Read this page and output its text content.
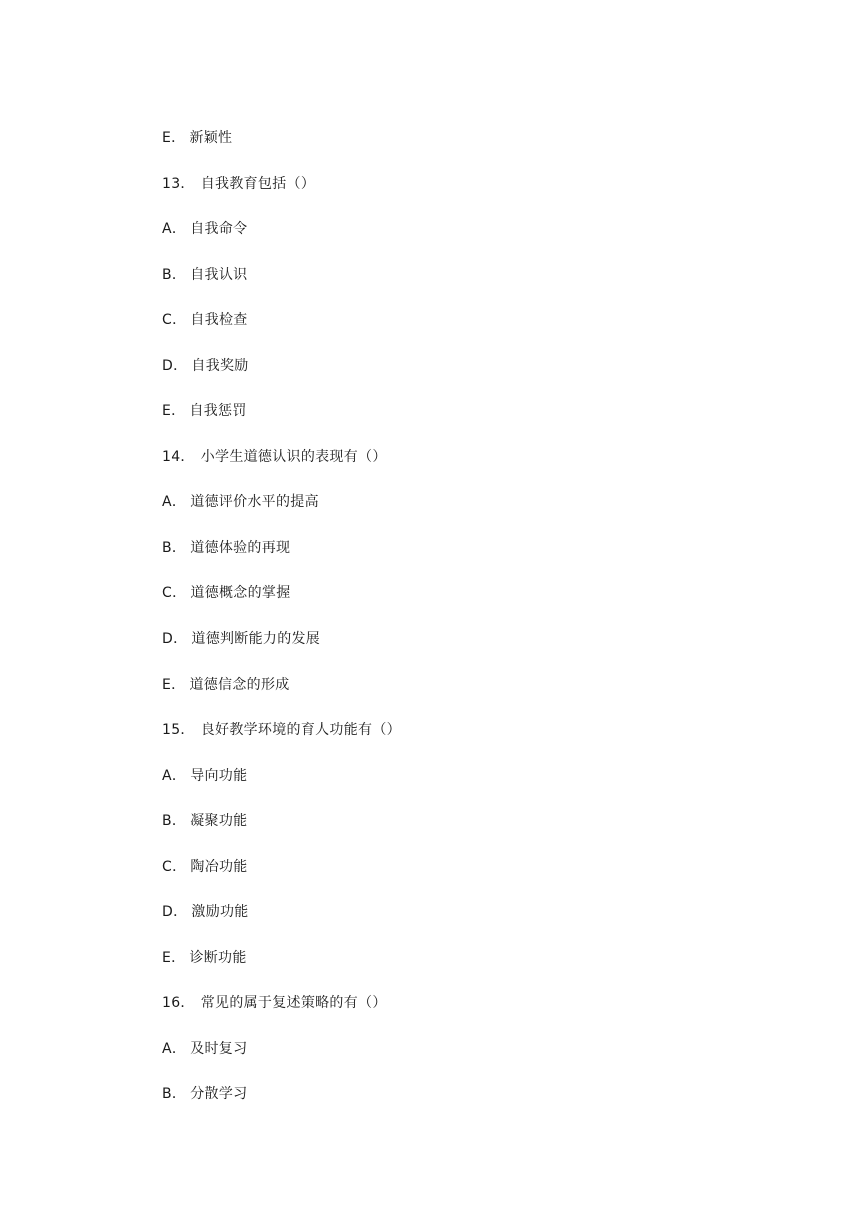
E． 新颖性
13． 自我教育包括（）
A． 自我命令
B． 自我认识
C． 自我检查
D． 自我奖励
E． 自我惩罚
14． 小学生道德认识的表现有（）
A． 道德评价水平的提高
B． 道德体验的再现
C． 道德概念的掌握
D． 道德判断能力的发展
E． 道德信念的形成
15． 良好教学环境的育人功能有（）
A． 导向功能
B． 凝聚功能
C． 陶冶功能
D． 激励功能
E． 诊断功能
16． 常见的属于复述策略的有（）
A． 及时复习
B． 分散学习
